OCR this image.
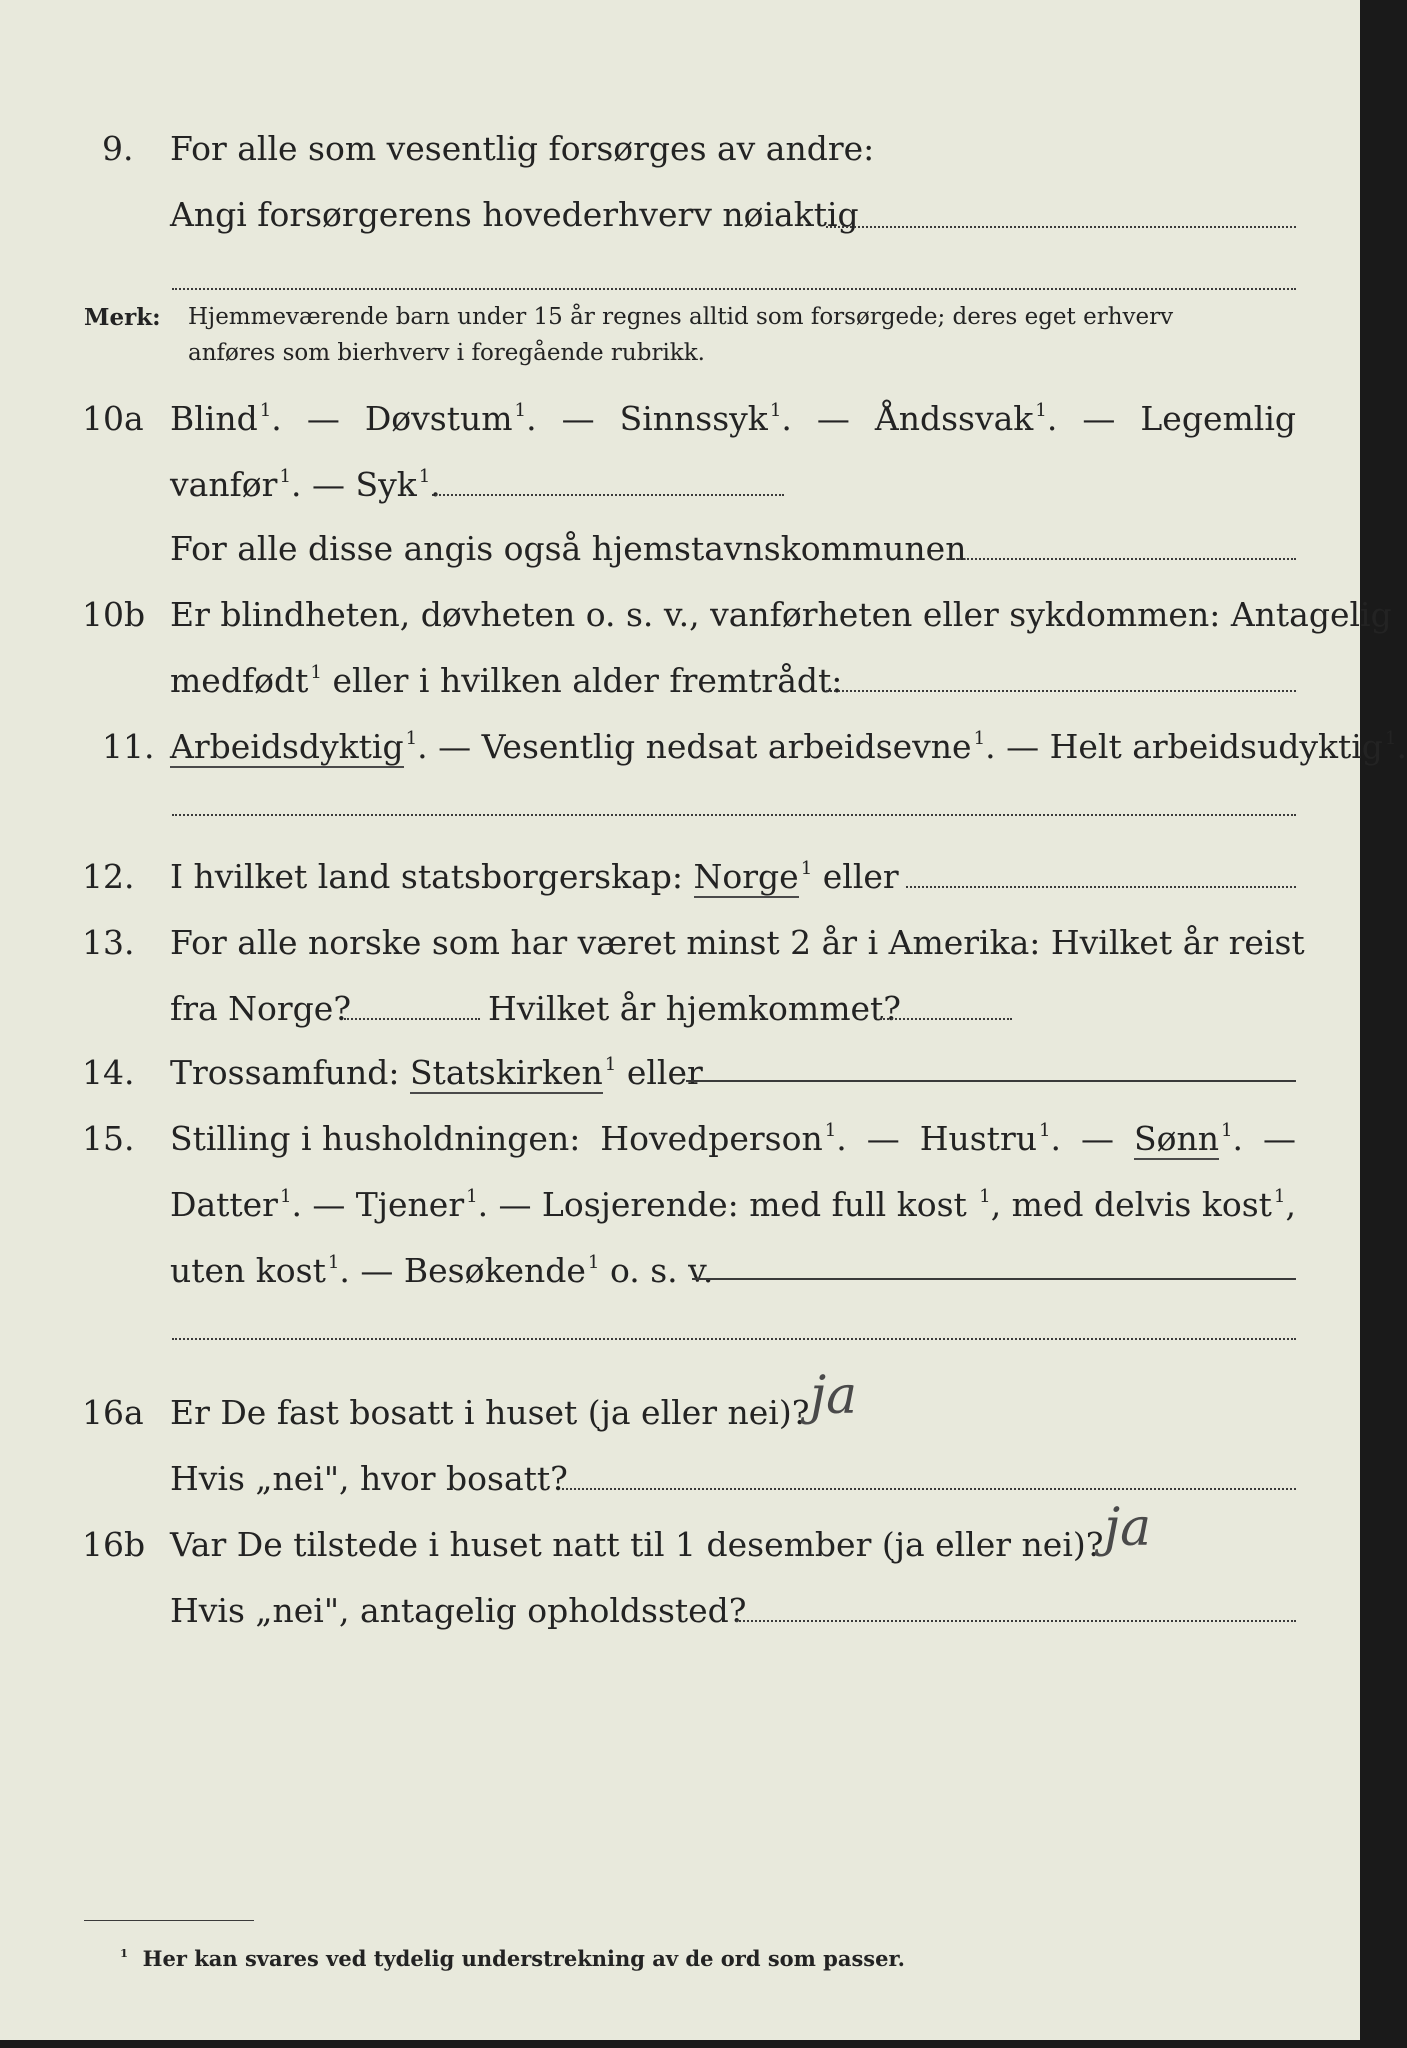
9. For alle som vesentlig forsørges av andre:
Angi forsørgerens hovederhverv nøiaktig
Merk: Hjemmeværende barn under 15 år regnes alltid som forsørgede; deres eget erhverv
anføres som bierhverv i foregående rubrikk.
10a Blind $^1$. — Døvstum $^1$. — Sinnssyk $^1$. — Åndssvak $^1$. — Legemlig
vanfør $^1$. — Syk $^1$.
For alle disse angis også hjemstavnskommunen
10b Er blindheten, døvheten o. s. v., vanførheten eller sykdommen: Antagelig
medfødt $^1$ eller i hvilken alder fremtrådt:
11. Arbeidsdyktig $^1$. — Vesentlig nedsat arbeidsevne $^1$. — Helt arbeidsudyktig $^1$.
12. I hvilket land statsborgerskap: Norge $^1$ eller
13. For alle norske som har været minst 2 år i Amerika: Hvilket år reist
fra Norge?	Hvilket år hjemkommet?
14. Trossamfund: Statskirken $^1$ eller
15. Stilling i husholdningen: Hovedperson $^1$. — Hustru $^1$. — Sønn $^1$. —
Datter $^1$. — Tjener $^1$. — Losjerende: med full kost $^1$, med delvis kost $^1$,
uten kost $^1$. — Besøkende $^1$ o. s. v.
16a Er De fast bosatt i huset (ja eller nei)? ja
Hvis „nei", hvor bosatt?
16b Var De tilstede i huset natt til 1 desember (ja eller nei)? ja
Hvis „nei", antagelig opholdssted?
$^1$ Her kan svares ved tydelig understrekning av de ord som passer.
